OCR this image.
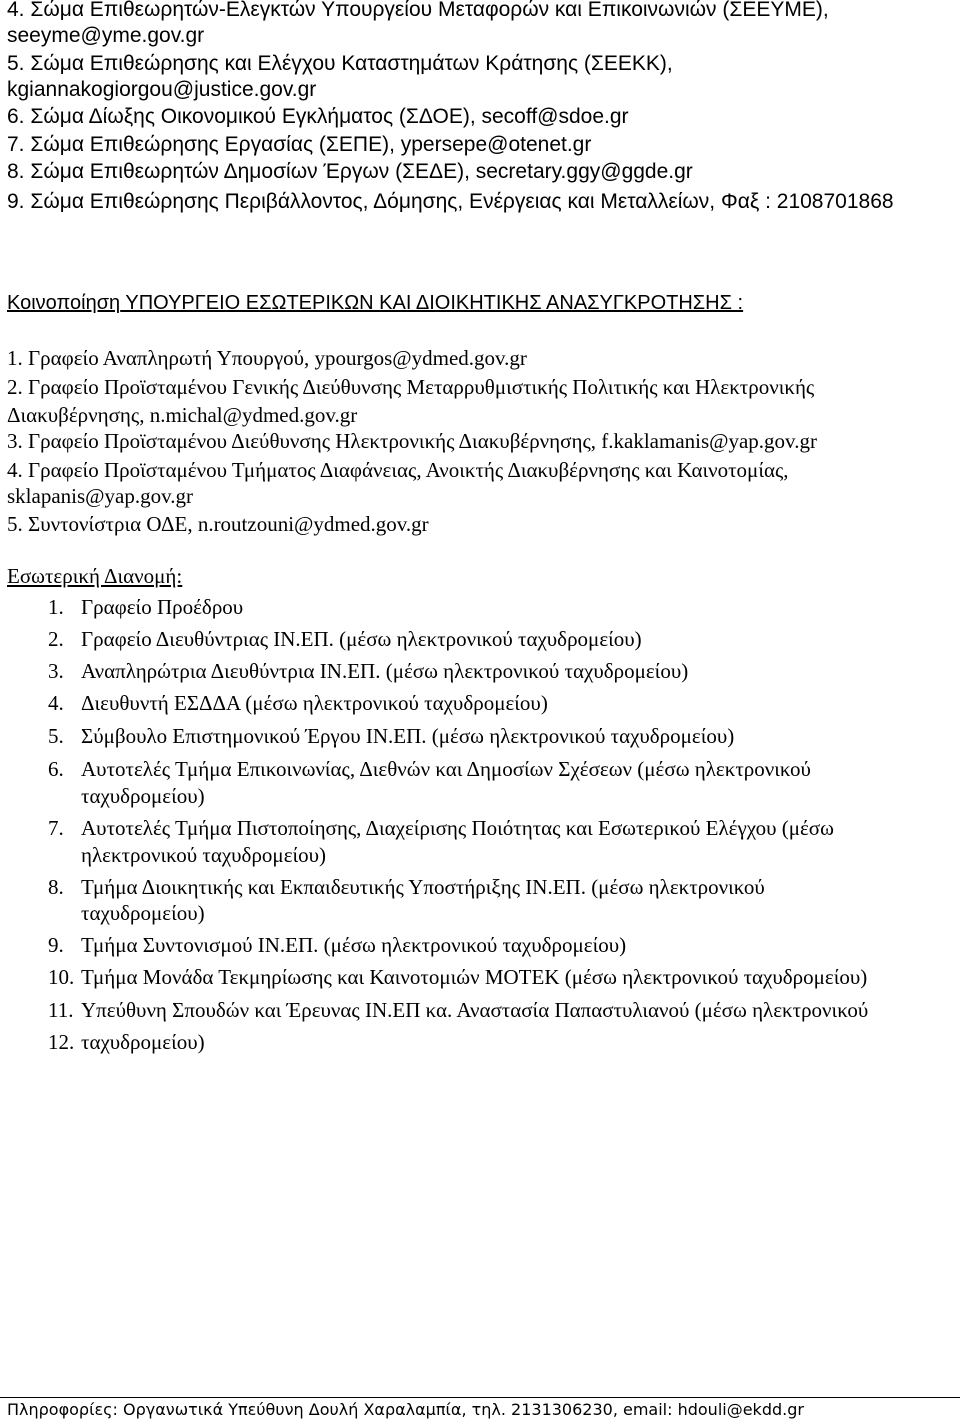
4. Σώμα Επιθεωρητών-Ελεγκτών Υπουργείου Μεταφορών και Επικοινωνιών (ΣΕΕΥΜΕ),
seeyme@yme.gov.gr
5. Σώμα Επιθεώρησης και Ελέγχου Καταστημάτων Κράτησης (ΣΕΕΚΚ),
kgiannakogiorgou@justice.gov.gr
6. Σώμα Δίωξης Οικονομικού Εγκλήματος (ΣΔΟΕ), secoff@sdoe.gr
7. Σώμα Επιθεώρησης Εργασίας (ΣΕΠΕ), ypersepe@otenet.gr
8. Σώμα Επιθεωρητών Δημοσίων Έργων (ΣΕΔΕ), secretary.ggy@ggde.gr
9. Σώμα Επιθεώρησης Περιβάλλοντος, Δόμησης, Ενέργειας και Μεταλλείων, Φαξ : 2108701868
Κοινοποίηση ΥΠΟΥΡΓΕΙΟ ΕΣΩΤΕΡΙΚΩΝ ΚΑΙ ΔΙΟΙΚΗΤΙΚΗΣ ΑΝΑΣΥΓΚΡΟΤΗΣΗΣ :
1. Γραφείο Αναπληρωτή Υπουργού, ypourgos@ydmed.gov.gr
2. Γραφείο Προϊσταμένου Γενικής Διεύθυνσης Μεταρρυθμιστικής Πολιτικής και Ηλεκτρονικής
Διακυβέρνησης, n.michal@ydmed.gov.gr
3. Γραφείο Προϊσταμένου Διεύθυνσης Ηλεκτρονικής Διακυβέρνησης, f.kaklamanis@yap.gov.gr
4. Γραφείο Προϊσταμένου Τμήματος Διαφάνειας, Ανοικτής Διακυβέρνησης και Καινοτομίας,
sklapanis@yap.gov.gr
5. Συντονίστρια ΟΔΕ, n.routzouni@ydmed.gov.gr
Εσωτερική Διανομή:
1. Γραφείο Προέδρου
2. Γραφείο Διευθύντριας ΙΝ.ΕΠ. (μέσω ηλεκτρονικού ταχυδρομείου)
3. Αναπληρώτρια Διευθύντρια ΙΝ.ΕΠ. (μέσω ηλεκτρονικού ταχυδρομείου)
4. Διευθυντή ΕΣΔΔΑ (μέσω ηλεκτρονικού ταχυδρομείου)
5. Σύμβουλο Επιστημονικού Έργου ΙΝ.ΕΠ. (μέσω ηλεκτρονικού ταχυδρομείου)
6. Αυτοτελές Τμήμα Επικοινωνίας, Διεθνών και Δημοσίων Σχέσεων (μέσω ηλεκτρονικού
ταχυδρομείου)
7. Αυτοτελές Τμήμα Πιστοποίησης, Διαχείρισης Ποιότητας και Εσωτερικού Ελέγχου (μέσω
ηλεκτρονικού ταχυδρομείου)
8. Τμήμα Διοικητικής και Εκπαιδευτικής Υποστήριξης ΙΝ.ΕΠ. (μέσω ηλεκτρονικού
ταχυδρομείου)
9. Τμήμα Συντονισμού ΙΝ.ΕΠ. (μέσω ηλεκτρονικού ταχυδρομείου)
10. Τμήμα Μονάδα Τεκμηρίωσης και Καινοτομιών ΜΟΤΕΚ (μέσω ηλεκτρονικού ταχυδρομείου)
11. Υπεύθυνη Σπουδών και Έρευνας ΙΝ.ΕΠ κα. Αναστασία Παπαστυλιανού (μέσω ηλεκτρονικού
12. ταχυδρομείου)
Πληροφορίες: Οργανωτικά Υπεύθυνη Δουλή Χαραλαμπία, τηλ. 2131306230, email: hdouli@ekdd.gr
